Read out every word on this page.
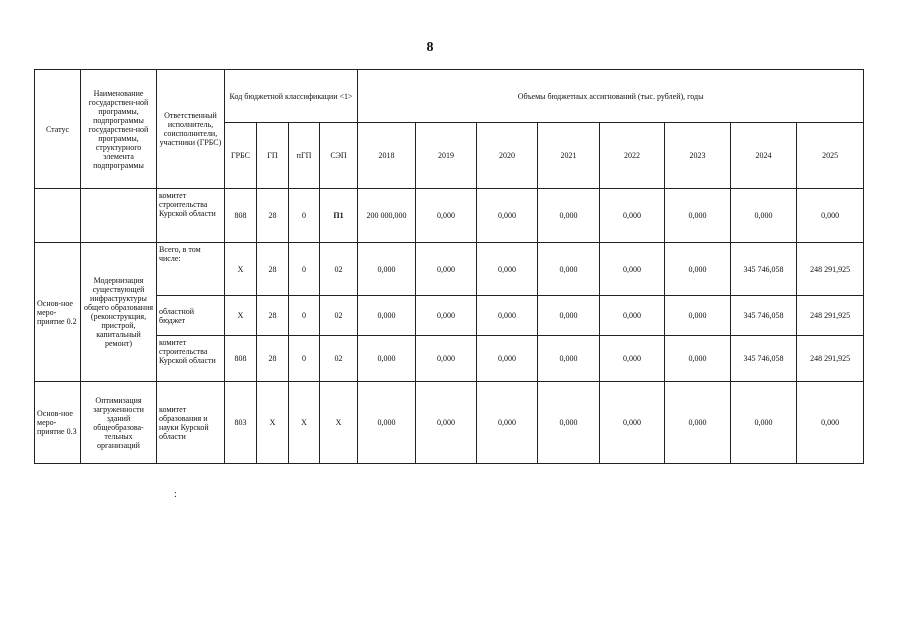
8
Статус	Наименование государствен-ной программы, подпрограммы государствен-ной программы, структурного элемента подпрограммы	Ответственный исполнитель, соисполнители, участники (ГРБС)	Код бюджетной классификации <1>				Объемы бюджетных ассигнований (тыс. рублей), годы							
			ГРБС	ГП	пГП	СЭП	2018	2019	2020	2021	2022	2023	2024	2025
		комитет строительства Курской области	808	28	0	П1	200 000,000	0,000	0,000	0,000	0,000	0,000	0,000	0,000
Основ-ное меро-приятие 0.2	Модернизация существующей инфраструктуры общего образования (реконструкция, пристрой, капитальный ремонт)	Всего, в том числе:	Х	28	0	02	0,000	0,000	0,000	0,000	0,000	0,000	345 746,058	248 291,925
		областной бюджет	Х	28	0	02	0,000	0,000	0,000	0,000	0,000	0,000	345 746,058	248 291,925
		комитет строительства Курской области	808	28	0	02	0,000	0,000	0,000	0,000	0,000	0,000	345 746,058	248 291,925
Основ-ное меро-приятие 0.3	Оптимизация загруженности зданий общеобразова-тельных организаций	комитет образования и науки Курской области	803	Х	Х	Х	0,000	0,000	0,000	0,000	0,000	0,000	0,000	0,000
:
